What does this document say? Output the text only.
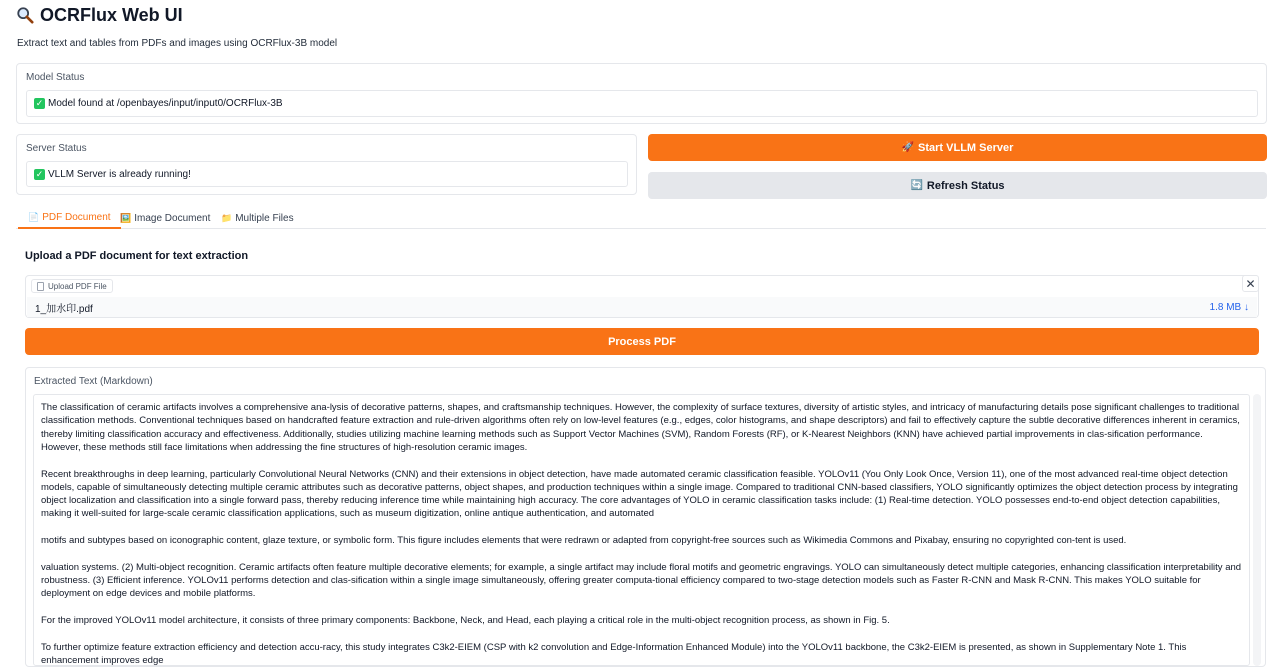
OCRFlux Web UI
Extract text and tables from PDFs and images using OCRFlux-3B model
Model Status
✓ Model found at /openbayes/input/input0/OCRFlux-3B
Server Status
✓ VLLM Server is already running!
🚀 Start VLLM Server
🔄 Refresh Status
📄 PDF Document 🖼️ Image Document 📁 Multiple Files
Upload a PDF document for text extraction
Upload PDF File	✕
1_加水印.pdf	1.8 MB ↓
Process PDF
Extracted Text (Markdown)

The classification of ceramic artifacts involves a comprehensive ana-lysis of decorative patterns, shapes, and craftsmanship techniques. However, the complexity of surface textures, diversity of artistic styles, and intricacy of manufacturing details pose significant challenges to traditional classification methods. Conventional techniques based on handcrafted feature extraction and rule-driven algorithms often rely on low-level features (e.g., edges, color histograms, and shape descriptors) and fail to effectively capture the subtle decorative differences inherent in ceramics, thereby limiting classification accuracy and effectiveness. Additionally, studies utilizing machine learning methods such as Support Vector Machines (SVM), Random Forests (RF), or K-Nearest Neighbors (KNN) have achieved partial improvements in clas-sification performance. However, these methods still face limitations when addressing the fine structures of high-resolution ceramic images.

Recent breakthroughs in deep learning, particularly Convolutional Neural Networks (CNN) and their extensions in object detection, have made automated ceramic classification feasible. YOLOv11 (You Only Look Once, Version 11), one of the most advanced real-time object detection models, capable of simultaneously detecting multiple ceramic attributes such as decorative patterns, object shapes, and production techniques within a single image. Compared to traditional CNN-based classifiers, YOLO significantly optimizes the object detection process by integrating object localization and classification into a single forward pass, thereby reducing inference time while maintaining high accuracy. The core advantages of YOLO in ceramic classification tasks include: (1) Real-time detection. YOLO possesses end-to-end object detection capabilities, making it well-suited for large-scale ceramic classification applications, such as museum digitization, online antique authentication, and automated

motifs and subtypes based on iconographic content, glaze texture, or symbolic form. This figure includes elements that were redrawn or adapted from copyright-free sources such as Wikimedia Commons and Pixabay, ensuring no copyrighted con-tent is used.

valuation systems. (2) Multi-object recognition. Ceramic artifacts often feature multiple decorative elements; for example, a single artifact may include floral motifs and geometric engravings. YOLO can simultaneously detect multiple categories, enhancing classification interpretability and robustness. (3) Efficient inference. YOLOv11 performs detection and clas-sification within a single image simultaneously, offering greater computa-tional efficiency compared to two-stage detection models such as Faster R-CNN and Mask R-CNN. This makes YOLO suitable for deployment on edge devices and mobile platforms.

For the improved YOLOv11 model architecture, it consists of three primary components: Backbone, Neck, and Head, each playing a critical role in the multi-object recognition process, as shown in Fig. 5.

To further optimize feature extraction efficiency and detection accu-racy, this study integrates C3k2-EIEM (CSP with k2 convolution and Edge-Information Enhanced Module) into the YOLOv11 backbone, the C3k2-EIEM is presented, as shown in Supplementary Note 1. This enhancement improves edge
